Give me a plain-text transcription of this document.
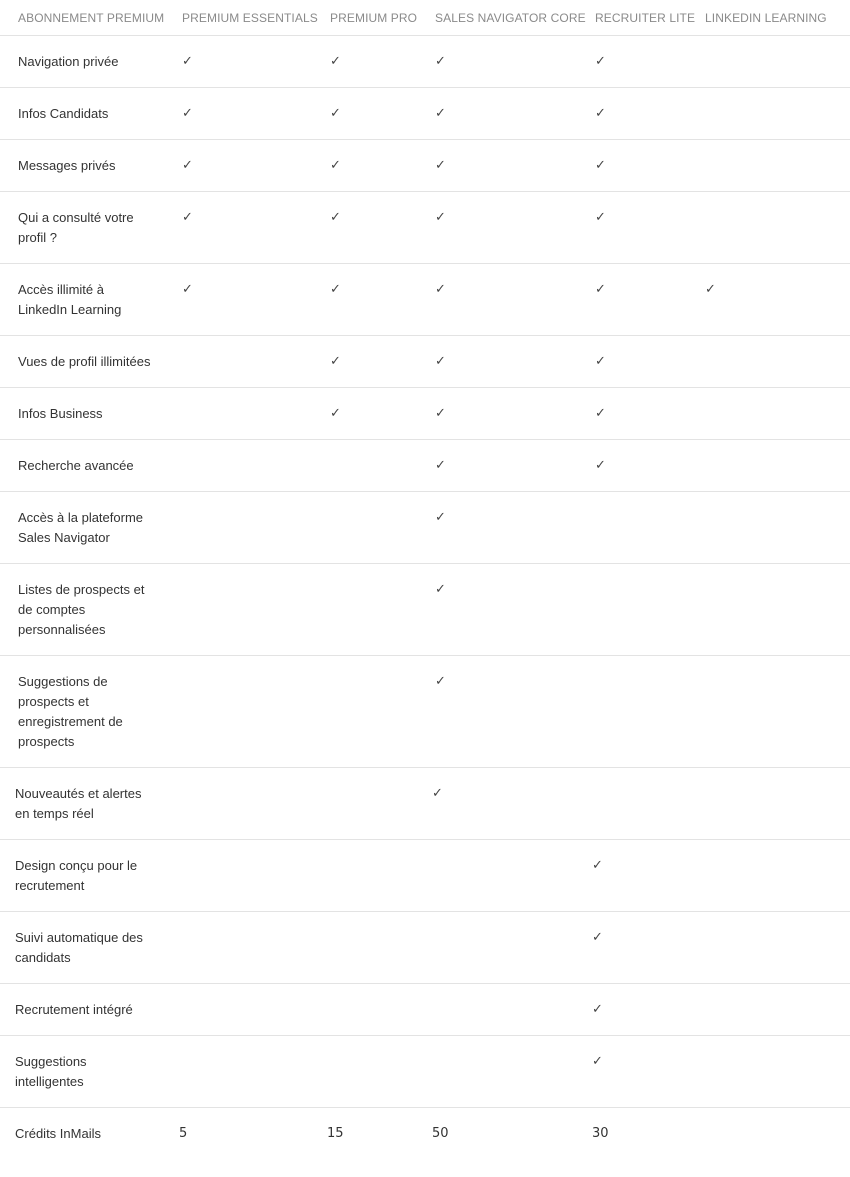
ABONNEMENT PREMIUM	PREMIUM ESSENTIALS	PREMIUM PRO	SALES NAVIGATOR CORE	RECRUITER LITE	LINKEDIN LEARNING
Navigation privée	✓	✓	✓	✓	
Infos Candidats	✓	✓	✓	✓	
Messages privés	✓	✓	✓	✓	
Qui a consulté votre profil ?	✓	✓	✓	✓	
Accès illimité à LinkedIn Learning	✓	✓	✓	✓	✓
Vues de profil illimitées		✓	✓	✓	
Infos Business		✓	✓	✓	
Recherche avancée			✓	✓	
Accès à la plateforme Sales Navigator			✓		
Listes de prospects et de comptes personnalisées			✓		
Suggestions de prospects et enregistrement de prospects			✓		
Nouveautés et alertes en temps réel			✓		
Design conçu pour le recrutement				✓	
Suivi automatique des candidats				✓	
Recrutement intégré				✓	
Suggestions intelligentes				✓	
Crédits InMails	5	15	50	30	
